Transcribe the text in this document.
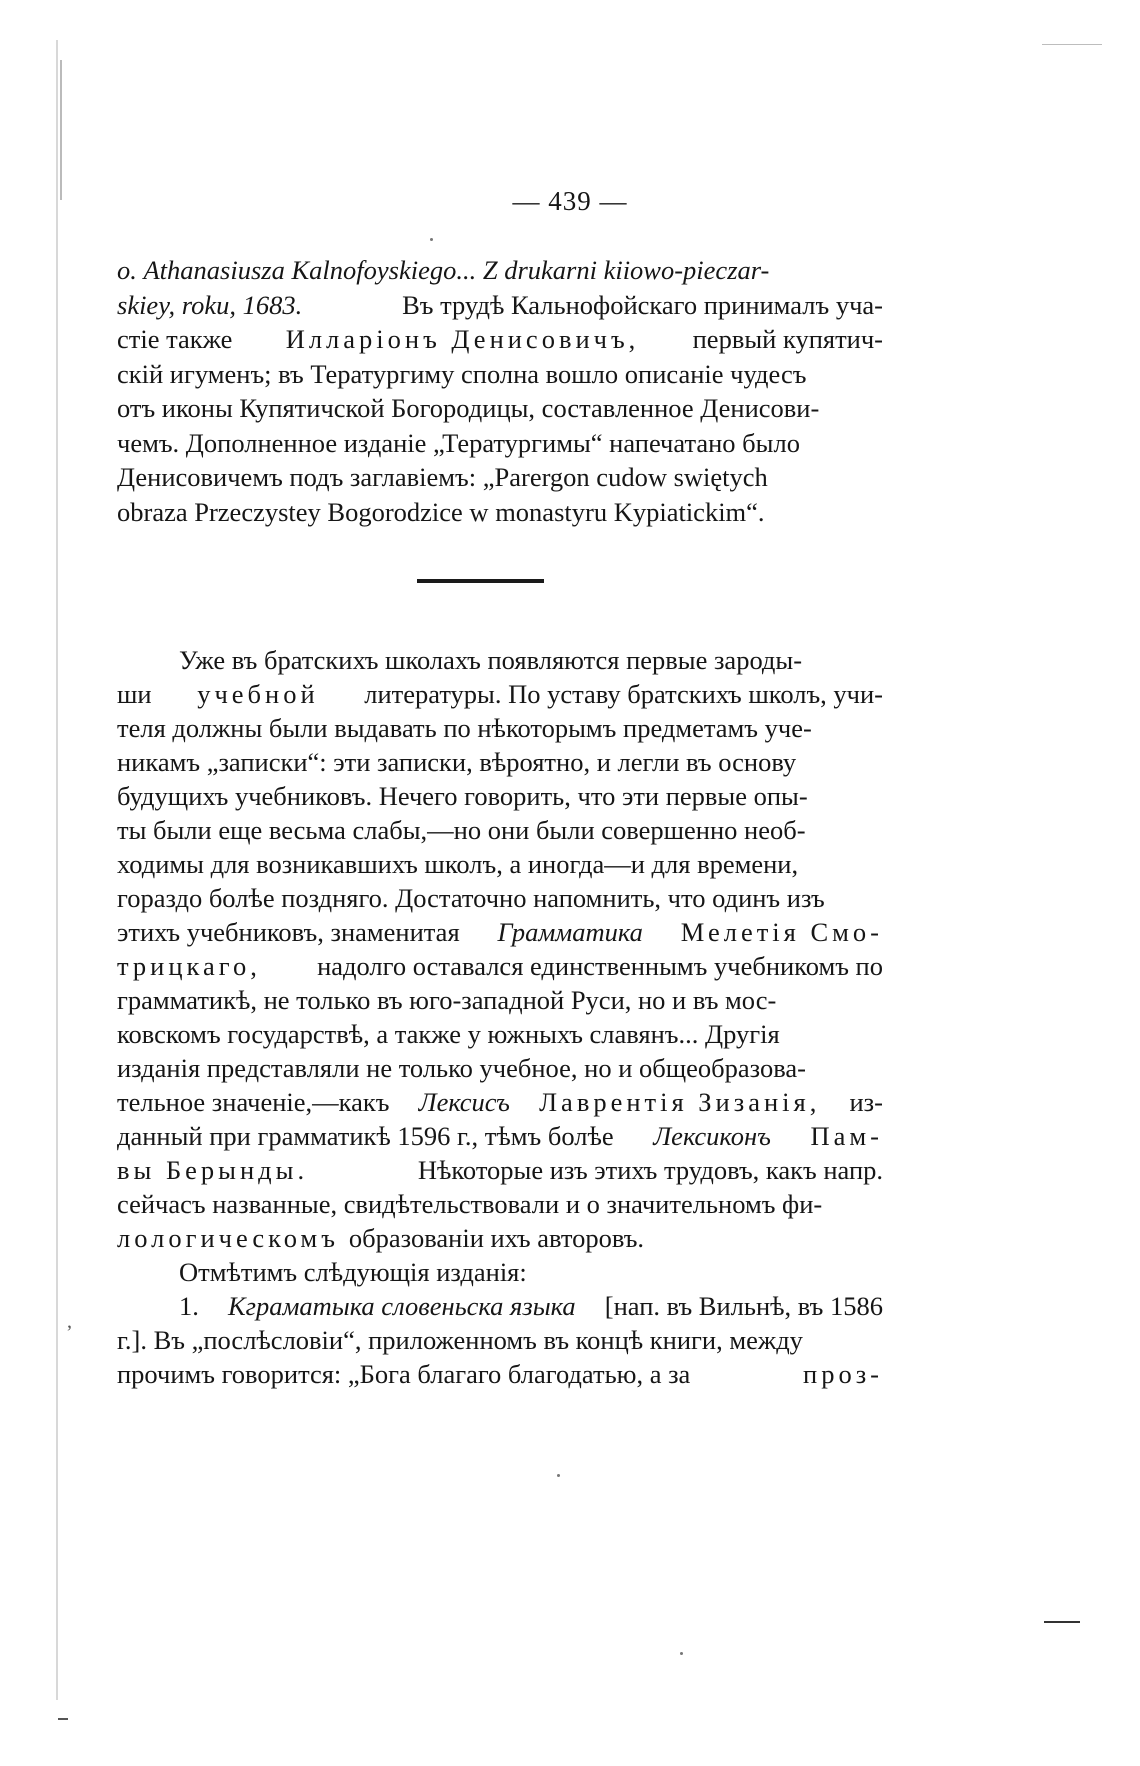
ʼ
— 439 —
о. Athanasiusza Kalnofoyskiego... Z drukarni kiiowo-pieczar-
skiey, roku, 1683.	Въ трудѣ Кальнофойскаго принималъ уча-
стіе также Илларіонъ Денисовичъ, первый купятич-
скій игуменъ; въ Тератургиму сполна вошло описаніе чудесъ
отъ иконы Купятичской Богородицы, составленное Денисови-
чемъ. Дополненное изданіе „Тератургимы“ напечатано было
Денисовичемъ подъ заглавіемъ: „Parergon cudow swiętych
obraza Przeczystey Bogorodzice w monastyru Kypiatickim“.
Уже въ братскихъ школахъ появляются первые зароды-
ши учебной литературы. По уставу братскихъ школъ, учи-
теля должны были выдавать по нѣкоторымъ предметамъ уче-
никамъ „записки“: эти записки, вѣроятно, и легли въ основу
будущихъ учебниковъ. Нечего говорить, что эти первые опы-
ты были еще весьма слабы,—но они были совершенно необ-
ходимы для возникавшихъ школъ, а иногда—и для времени,
гораздо болѣе поздняго. Достаточно напомнить, что одинъ изъ
этихъ учебниковъ, знаменитая Грамматика Мелетія Смо-
трицкаго, надолго оставался единственнымъ учебникомъ по
грамматикѣ, не только въ юго-западной Руси, но и въ мос-
ковскомъ государствѣ, а также у южныхъ славянъ... Другія
изданія представляли не только учебное, но и общеобразова-
тельное значеніе,—какъ Лексисъ Лаврентія Зизанія, из-
данный при грамматикѣ 1596 г., тѣмъ болѣе Лексиконъ Пам-
вы Берынды.	Нѣкоторые изъ этихъ трудовъ, какъ напр.
сейчасъ названные, свидѣтельствовали и о значительномъ фи-
лологическомъ образованіи ихъ авторовъ.
Отмѣтимъ слѣдующія изданія:
1. Кграматыка словеньска языка [нап. въ Вильнѣ, въ 1586
г.]. Въ „послѣсловіи“, приложенномъ въ концѣ книги, между
прочимъ говорится: „Бога благаго благодатью, а за	проз-
